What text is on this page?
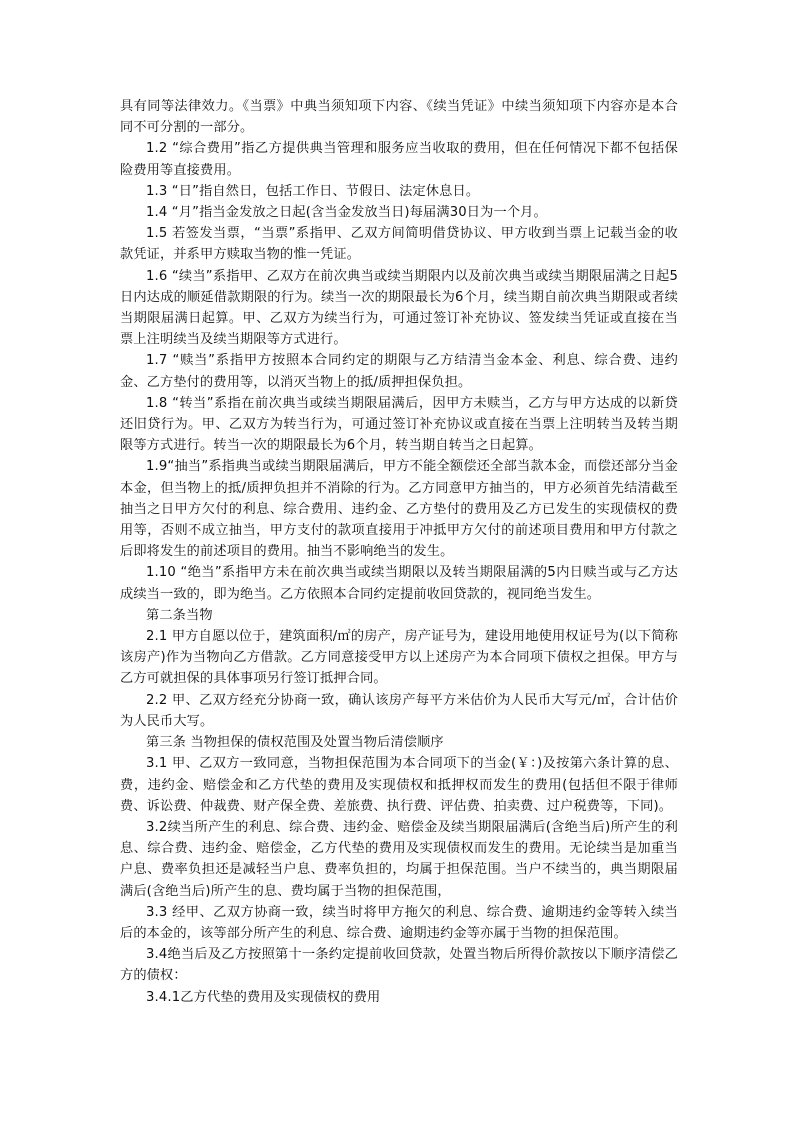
具有同等法律效力。《当票》中典当须知项下内容、《续当凭证》中续当须知项下内容亦是本合同不可分割的一部分。

1.2 “综合费用”指乙方提供典当管理和服务应当收取的费用，但在任何情况下都不包括保险费用等直接费用。

1.3 “日”指自然日，包括工作日、节假日、法定休息日。

1.4 “月”指当金发放之日起(含当金发放当日)每届满30日为一个月。

1.5 若签发当票，“当票”系指甲、乙双方间简明借贷协议、甲方收到当票上记载当金的收款凭证，并系甲方赎取当物的惟一凭证。

1.6 “续当”系指甲、乙双方在前次典当或续当期限内以及前次典当或续当期限届满之日起5日内达成的顺延借款期限的行为。续当一次的期限最长为6个月，续当期自前次典当期限或者续当期限届满日起算。甲、乙双方为续当行为，可通过签订补充协议、签发续当凭证或直接在当票上注明续当及续当期限等方式进行。

1.7 “赎当”系指甲方按照本合同约定的期限与乙方结清当金本金、利息、综合费、违约金、乙方垫付的费用等，以消灭当物上的抵/质押担保负担。

1.8 “转当”系指在前次典当或续当期限届满后，因甲方未赎当，乙方与甲方达成的以新贷还旧贷行为。甲、乙双方为转当行为，可通过签订补充协议或直接在当票上注明转当及转当期限等方式进行。转当一次的期限最长为6个月，转当期自转当之日起算。

1.9“抽当”系指典当或续当期限届满后，甲方不能全额偿还全部当款本金，而偿还部分当金本金，但当物上的抵/质押负担并不消除的行为。乙方同意甲方抽当的，甲方必须首先结清截至抽当之日甲方欠付的利息、综合费用、违约金、乙方垫付的费用及乙方已发生的实现债权的费用等，否则不成立抽当，甲方支付的款项直接用于冲抵甲方欠付的前述项目费用和甲方付款之后即将发生的前述项目的费用。抽当不影响绝当的发生。

1.10 “绝当”系指甲方未在前次典当或续当期限以及转当期限届满的5内日赎当或与乙方达成续当一致的，即为绝当。乙方依照本合同约定提前收回贷款的，视同绝当发生。

第二条当物

2.1 甲方自愿以位于，建筑面积/㎡的房产，房产证号为，建设用地使用权证号为(以下简称该房产)作为当物向乙方借款。乙方同意接受甲方以上述房产为本合同项下债权之担保。甲方与乙方可就担保的具体事项另行签订抵押合同。

2.2 甲、乙双方经充分协商一致，确认该房产每平方米估价为人民币大写元/㎡，合计估价为人民币大写。

第三条 当物担保的债权范围及处置当物后清偿顺序

3.1 甲、乙双方一致同意，当物担保范围为本合同项下的当金(￥：)及按第六条计算的息、费，违约金、赔偿金和乙方代垫的费用及实现债权和抵押权而发生的费用(包括但不限于律师费、诉讼费、仲裁费、财产保全费、差旅费、执行费、评估费、拍卖费、过户税费等，下同)。

3.2续当所产生的利息、综合费、违约金、赔偿金及续当期限届满后(含绝当后)所产生的利息、综合费、违约金、赔偿金，乙方代垫的费用及实现债权而发生的费用。无论续当是加重当户息、费率负担还是减轻当户息、费率负担的，均属于担保范围。当户不续当的，典当期限届满后(含绝当后)所产生的息、费均属于当物的担保范围，

3.3 经甲、乙双方协商一致，续当时将甲方拖欠的利息、综合费、逾期违约金等转入续当后的本金的，该等部分所产生的利息、综合费、逾期违约金等亦属于当物的担保范围。

3.4绝当后及乙方按照第十一条约定提前收回贷款，处置当物后所得价款按以下顺序清偿乙方的债权：

3.4.1乙方代垫的费用及实现债权的费用
